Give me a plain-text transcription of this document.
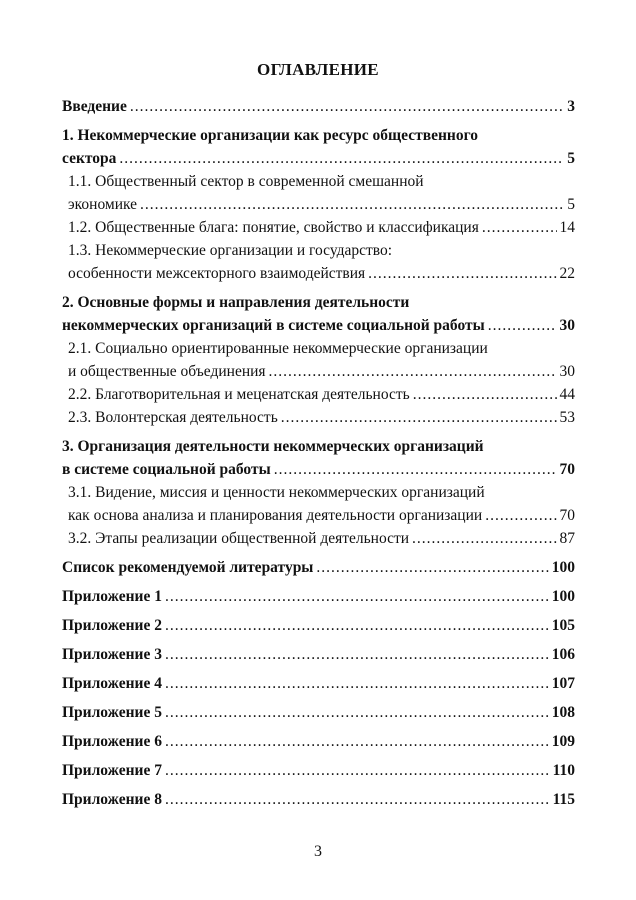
ОГЛАВЛЕНИЕ
Введение .....	3
1. Некоммерческие организации как ресурс общественного
сектора .....	5
1.1. Общественный сектор в современной смешанной
экономике .....	5
1.2. Общественные блага: понятие, свойство и классификация .....	14
1.3. Некоммерческие организации и государство:
особенности межсекторного взаимодействия .....	22
2. Основные формы и направления деятельности
некоммерческих организаций в системе социальной работы .....	30
2.1. Социально ориентированные некоммерческие организации
и общественные объединения .....	30
2.2. Благотворительная и меценатская деятельность .....	44
2.3. Волонтерская деятельность .....	53
3. Организация деятельности некоммерческих организаций
в системе социальной работы .....	70
3.1. Видение, миссия и ценности некоммерческих организаций
как основа анализа и планирования деятельности организации .....	70
3.2. Этапы реализации общественной деятельности .....	87
Список рекомендуемой литературы .....	100
Приложение 1 .....	100
Приложение 2 .....	105
Приложение 3 .....	106
Приложение 4 .....	107
Приложение 5 .....	108
Приложение 6 .....	109
Приложение 7 .....	110
Приложение 8 .....	115
3
